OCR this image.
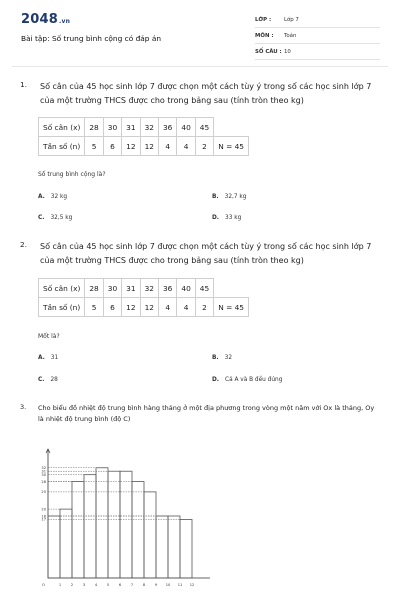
2048.vn
Bài tập: Số trung bình cộng có đáp án
LỚP : Lớp 7
MÔN : Toán
SỐ CÂU : 10
1. Số cân của 45 học sinh lớp 7 được chọn một cách tùy ý trong số các học sinh lớp 7 của một trường THCS được cho trong bảng sau (tính tròn theo kg)
Số cân (x)	28	30	31	32	36	40	45	
Tần số (n)	5	6	12	12	4	4	2	N = 45
Số trung bình cộng là?
A. 32 kg	B. 32,7 kg
C. 32,5 kg	D. 33 kg
2. Số cân của 45 học sinh lớp 7 được chọn một cách tùy ý trong số các học sinh lớp 7 của một trường THCS được cho trong bảng sau (tính tròn theo kg)
Số cân (x)	28	30	31	32	36	40	45	
Tần số (n)	5	6	12	12	4	4	2	N = 45
Mốt là?
A. 31	B. 32
C. 28	D. Cả A và B đều đúng
3. Cho biểu đồ nhiệt độ trung bình hàng tháng ở một địa phương trong vòng một năm với Ox là tháng, Oy là nhiệt độ trung bình (độ C)
O	1	2	3	4	5	6	7	8	9 10 11 12
17
18
20
25
28
30
31
32
